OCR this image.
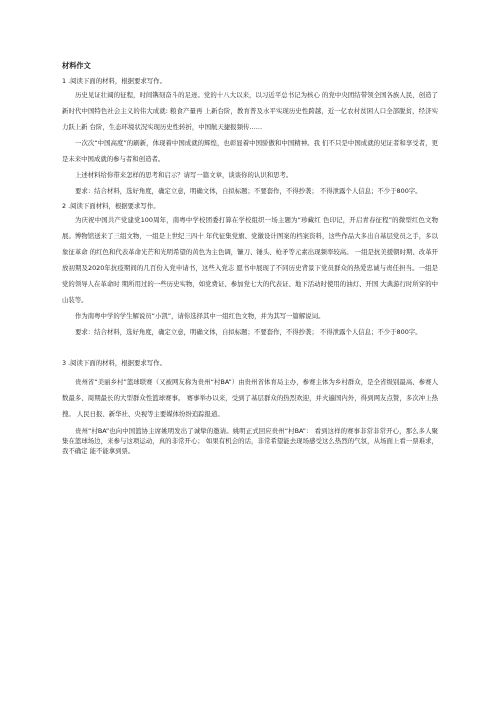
材料作文

1 .阅读下面的材料，根据要求写作。

历史见证壮阔的征程，时间镌刻奋斗的足迹。党的十八大以来，以习近平总书记为核心 的党中央团结带领全国各族人民，创造了新时代中国特色社会主义的伟大成就: 粮食产量再 上新台阶，教育普及水平实现历史性跨越，近一亿农村贫困人口全部脱贫，经济实力跃上新 台阶，生态环境状况实现历史性转折，中国航天捷报频传……

一次次“中国高度”的刷新，体现着中国成就的辉煌，也彰显着中国骄傲和中国精神。我 们不只是中国成就的见证者和享受者，更是未来中国成就的参与者和创造者。

上述材料给你带来怎样的思考和启示？请写一篇文章，谈谈你的认识和思考。

要求：结合材料，选好角度，确定立意，明确文体，自拟标题；不要套作，不得抄袭； 不得泄露个人信息；不少于800字。

2 .阅读下面材料，根据要求写作。

为庆祝中国共产党建党100周年，南粤中学校团委打算在学校组织一场主题为“珍藏红 色印记，开启青春征程”的微型红色文物展。博物馆送来了三组文物，一组是上世纪三四十 年代征集党旗、党徽设计图案的档案资料，这些作品大多出自基层党员之手，多以象征革命 的红色和代表革命光芒和光明希望的黄色为主色调，镰刀、锤头、枪矛等元素出现频率较高。 一组是抗美援朝时期、改革开放初期及2020年抗疫期间的几百份入党申请书，这些入党志 愿书中展现了不同历史背景下党员群众的热爱忠诚与责任担当。一组是党的领导人在革命时 期所用过的一些历史实物，如党费证、参加党七大的代表证、地下活动时使用的油灯、开国 大典游行时所穿的中山装等。

作为南粤中学的学生解说员“小凯”，请你选择其中一组红色文物，并为其写一篇解说词。

要求：结合材料，选好角度，确定立意，明确文体，自拟标题；不要套作，不得抄袭； 不得泄露个人信息；不少于800字。

3 .阅读下面的材料，根据要求写作。

贵州省“美丽乡村”篮球联赛（又被网友称为贵州“村BA”）由贵州省体育局主办，参赛主体为乡村群众，是全省级别最高、参赛人数最多、周期最长的大型群众性篮球赛事。 赛事举办以来，受到了基层群众的热烈欢迎，并火遍国内外，得到网友点赞，多次冲上热搜。 人民日报、新华社、央视等主要媒体纷纷追踪报道。

贵州“村BA”也向中国篮协主席姚明发出了诚挚的邀请。姚明正式回应贵州“村BA”： 看到这样的赛事非常非常开心，那么多人聚集在篮球场边，来参与这项运动，真的非常开心； 如果有机会的话，非常希望能去现场感受这么热烈的气氛，从场面上看一票难求，我不确定 能不能拿到票。
